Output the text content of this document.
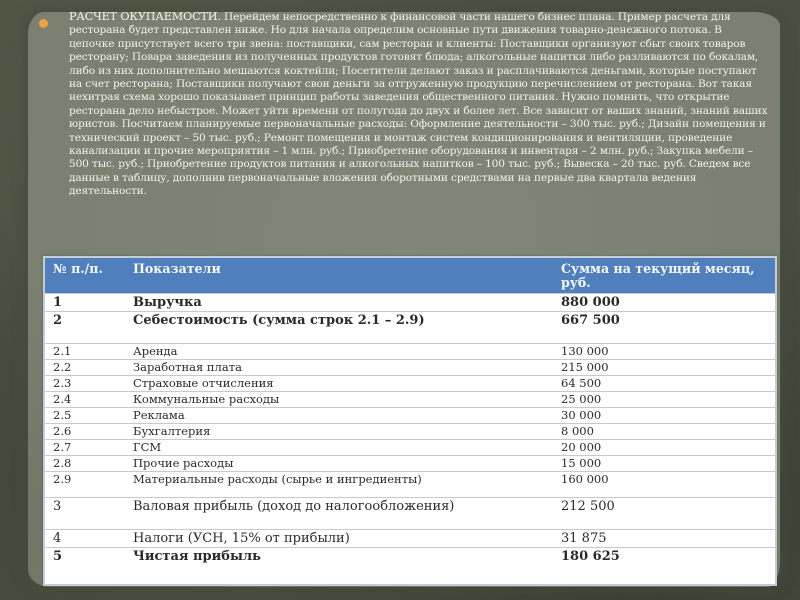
РАСЧЕТ ОКУПАЕМОСТИ. Перейдем непосредственно к финансовой части нашего бизнес плана. Пример расчета для ресторана будет представлен ниже. Но для начала определим основные пути движения товарно-денежного потока. В цепочке присутствует всего три звена: поставщики, сам ресторан и клиенты: Поставщики организуют сбыт своих товаров ресторану; Повара заведения из полученных продуктов готовят блюда; алкогольные напитки либо разливаются по бокалам, либо из них дополнительно мешаются коктейли; Посетители делают заказ и расплачиваются деньгами, которые поступают на счет ресторана; Поставщики получают свои деньги за отгруженную продукцию перечислением от ресторана. Вот такая нехитрая схема хорошо показывает принцип работы заведения общественного питания. Нужно помнить, что открытие ресторана дело небыстрое. Может уйти времени от полугода до двух и более лет. Все зависит от ваших знаний, знаний ваших юристов. Посчитаем планируемые первоначальные расходы: Оформление деятельности – 300 тыс. руб.; Дизайн помещения и технический проект – 50 тыс. руб.; Ремонт помещения и монтаж систем кондиционирования и вентиляции, проведение канализации и прочие мероприятия – 1 млн. руб.; Приобретение оборудования и инвентаря – 2 млн. руб.; Закупка мебели – 500 тыс. руб.; Приобретение продуктов питания и алкогольных напитков – 100 тыс. руб.; Вывеска – 20 тыс. руб. Сведем все данные в таблицу, дополнив первоначальные вложения оборотными средствами на первые два квартала ведения деятельности.

№ п./п.	Показатели	Сумма на текущий месяц, руб.
1	Выручка	880 000
2	Себестоимость (сумма строк 2.1 – 2.9)	667 500
2.1	Аренда	130 000
2.2	Заработная плата	215 000
2.3	Страховые отчисления	64 500
2.4	Коммунальные расходы	25 000
2.5	Реклама	30 000
2.6	Бухгалтерия	8 000
2.7	ГСМ	20 000
2.8	Прочие расходы	15 000
2.9	Материальные расходы (сырье и ингредиенты)	160 000
3	Валовая прибыль (доход до налогообложения)	212 500
4	Налоги (УСН, 15% от прибыли)	31 875
5	Чистая прибыль	180 625
